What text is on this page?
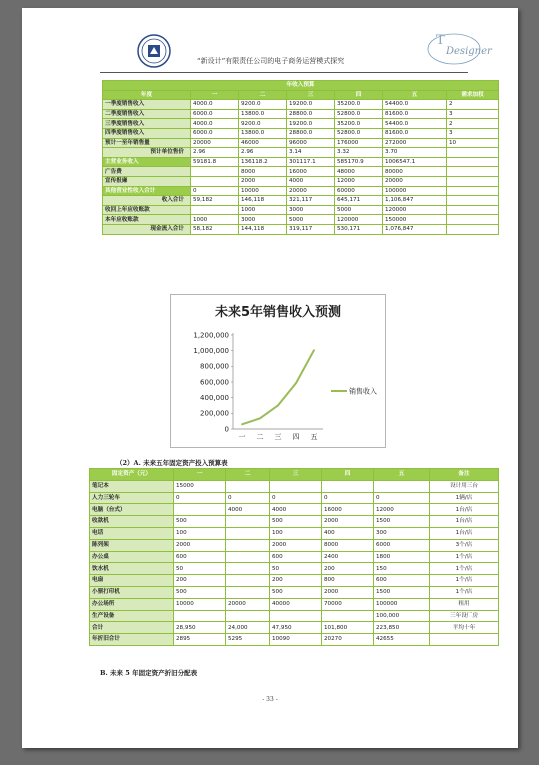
T
Designer
“新设计”有限责任公司的电子商务运营模式探究
年收入预算						
年度	一	二	三	四	五	需求加权
一季度销售收入	4000.0	9200.0	19200.0	35200.0	54400.0	2
二季度销售收入	6000.0	13800.0	28800.0	52800.0	81600.0	3
三季度销售收入	4000.0	9200.0	19200.0	35200.0	54400.0	2
四季度销售收入	6000.0	13800.0	28800.0	52800.0	81600.0	3
预计一至年销售量	20000	46000	96000	176000	272000	10
预计单位售价	2.96	2.96	3.14	3.32	3.70	
主营业务收入	59181.8	136118.2	301117.1	585170.9	1006547.1	
广告费		8000	16000	48000	80000	
宣传报廉		2000	4000	12000	20000	
其他营业性收入合计	0	10000	20000	60000	100000	
收入合计	59,182	146,118	321,117	645,171	1,106,847	
收回上年应收账款		1000	3000	5000	120000	
本年应收账款	1000	3000	5000	120000	150000	
现金流入合计	58,182	144,118	319,117	530,171	1,076,847	
未来5年销售收入预测
1,200,000
1,000,000
800,000
600,000
400,000
200,000
0
一 二 三 四 五
销售收入
（2）A. 未来五年固定资产投入预算表
固定资产（元）	一	二	三	四	五	备注
笔记本	15000					设计用三台
人力三轮车	0	0	0	0	0	1辆/店
电脑（台式）		4000	4000	16000	12000	1台/店
收款机	500		500	2000	1500	1台/店
电话	100		100	400	300	1台/店
陈列架	2000		2000	8000	6000	3个/店
办公桌	600		600	2400	1800	1个/店
饮水机	50		50	200	150	1个/店
电扇	200		200	800	600	1个/店
小票打印机	500		500	2000	1500	1个/店
办公场所	10000	20000	40000	70000	100000	租用
生产设备					100,000	三年设厂房
合计	28,950	24,000	47,950	101,800	223,850	平均十年
年折旧合计	2895	5295	10090	20270	42655	
B. 未来 5 年固定资产折旧分配表
- 33 -
